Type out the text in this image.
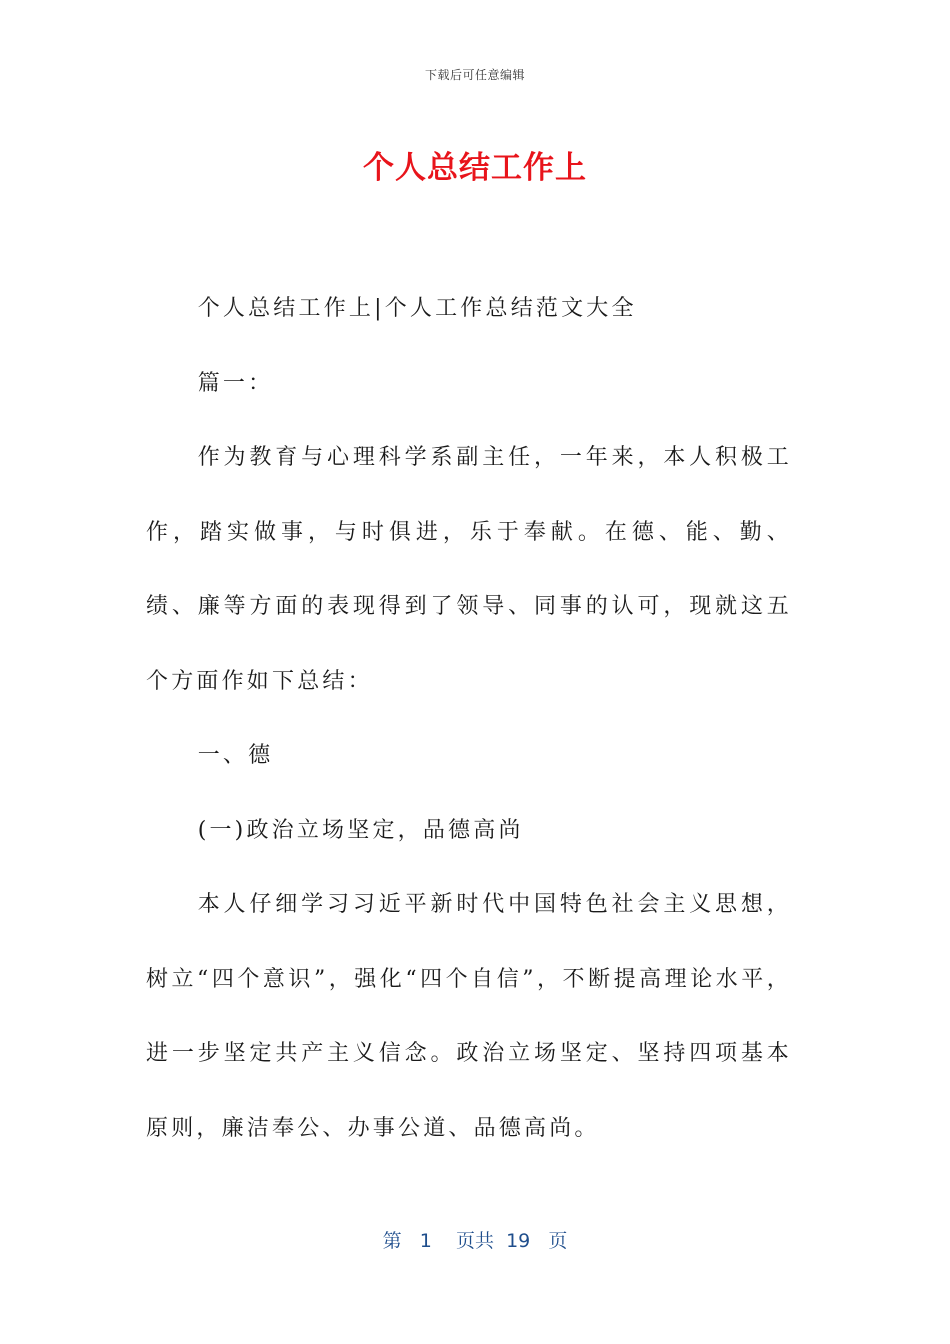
下载后可任意编辑
个人总结工作上

个人总结工作上|个人工作总结范文大全

篇一：

作为教育与心理科学系副主任，一年来，本人积极工作，踏实做事，与时俱进，乐于奉献。在德、能、勤、绩、廉等方面的表现得到了领导、同事的认可，现就这五个方面作如下总结：

一、德

(一)政治立场坚定，品德高尚

本人仔细学习习近平新时代中国特色社会主义思想，树立“四个意识”，强化“四个自信”，不断提高理论水平，进一步坚定共产主义信念。政治立场坚定、坚持四项基本原则，廉洁奉公、办事公道、品德高尚。

第 1 页共 19 页
